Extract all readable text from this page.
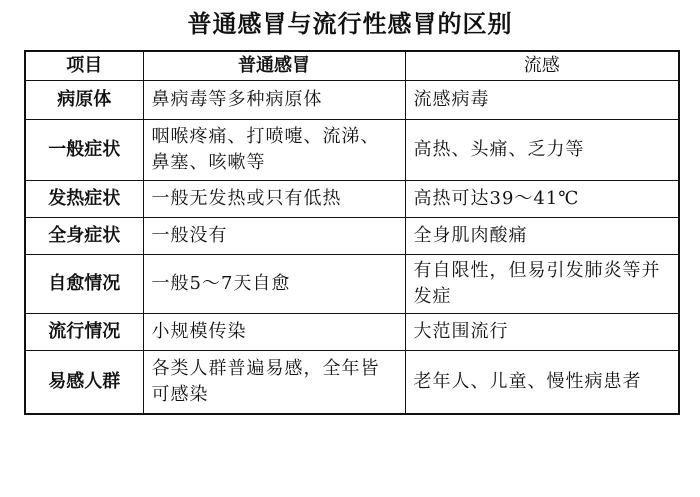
普通感冒与流行性感冒的区别
项目	普通感冒	流感
病原体	鼻病毒等多种病原体	流感病毒
一般症状	咽喉疼痛、打喷嚏、流涕、鼻塞、咳嗽等	高热、头痛、乏力等
发热症状	一般无发热或只有低热	高热可达39～41℃
全身症状	一般没有	全身肌肉酸痛
自愈情况	一般5～7天自愈	有自限性，但易引发肺炎等并发症
流行情况	小规模传染	大范围流行
易感人群	各类人群普遍易感，全年皆可感染	老年人、儿童、慢性病患者
